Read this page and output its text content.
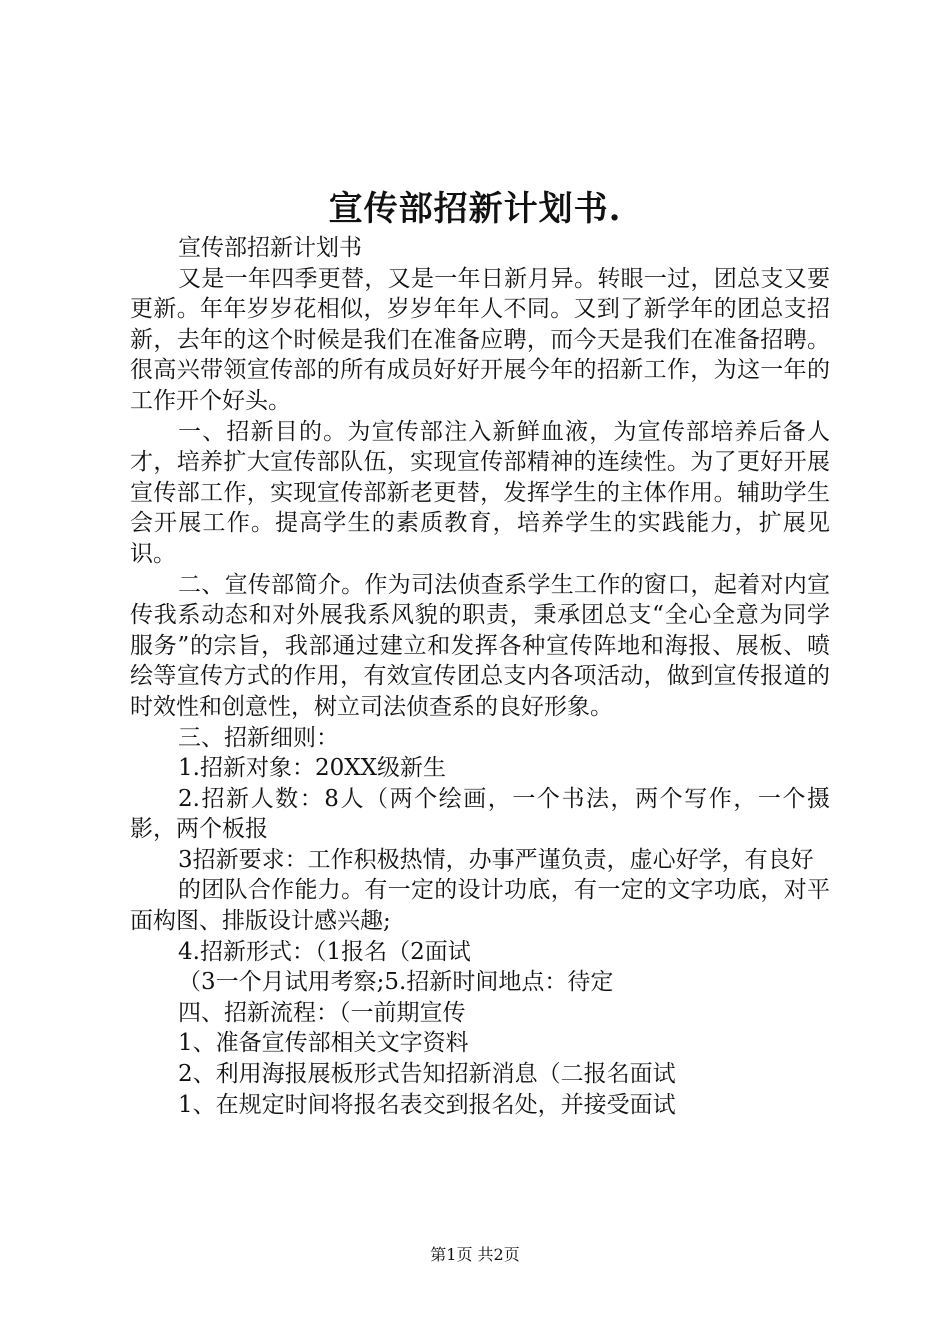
宣传部招新计划书.

宣传部招新计划书

又是一年四季更替，又是一年日新月异。转眼一过，团总支又要更新。年年岁岁花相似，岁岁年年人不同。又到了新学年的团总支招新，去年的这个时候是我们在准备应聘，而今天是我们在准备招聘。很高兴带领宣传部的所有成员好好开展今年的招新工作，为这一年的工作开个好头。

一、招新目的。为宣传部注入新鲜血液，为宣传部培养后备人才，培养扩大宣传部队伍，实现宣传部精神的连续性。为了更好开展宣传部工作，实现宣传部新老更替，发挥学生的主体作用。辅助学生会开展工作。提高学生的素质教育，培养学生的实践能力，扩展见识。

二、宣传部简介。作为司法侦查系学生工作的窗口，起着对内宣传我系动态和对外展我系风貌的职责，秉承团总支“全心全意为同学服务”的宗旨，我部通过建立和发挥各种宣传阵地和海报、展板、喷绘等宣传方式的作用，有效宣传团总支内各项活动，做到宣传报道的时效性和创意性，树立司法侦查系的良好形象。

三、招新细则：

1.招新对象：20XX级新生

2.招新人数：8人（两个绘画，一个书法，两个写作，一个摄影，两个板报

3招新要求：工作积极热情，办事严谨负责，虚心好学，有良好

的团队合作能力。有一定的设计功底，有一定的文字功底，对平面构图、排版设计感兴趣;

4.招新形式：（1报名（2面试

（3一个月试用考察;5.招新时间地点：待定

四、招新流程：（一前期宣传

1、准备宣传部相关文字资料

2、利用海报展板形式告知招新消息（二报名面试

1、在规定时间将报名表交到报名处，并接受面试

第1页 共2页
